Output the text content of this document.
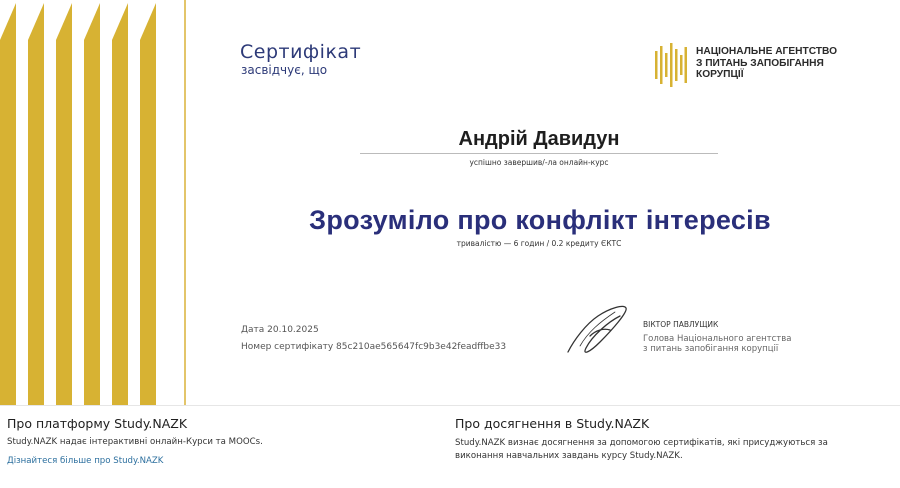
Сертифікат
засвідчує, що
НАЦІОНАЛЬНЕ АГЕНТСТВО
З ПИТАНЬ ЗАПОБІГАННЯ
КОРУПЦІЇ
Андрій Давидун
успішно завершив/-ла онлайн-курс
Зрозуміло про конфлікт інтересів
тривалістю — 6 годин / 0.2 кредиту ЄКТС
Дата 20.10.2025
Номер сертифікату 85c210ae565647fc9b3e42feadffbe33
ВІКТОР ПАВЛУЩИК
Голова Національного агентства
з питань запобігання корупції
Про платформу Study.NAZK
Study.NAZK надає інтерактивні онлайн-Курси та MOOCs.
Дізнайтеся більше про Study.NAZK
Про досягнення в Study.NAZK
Study.NAZK визнає досягнення за допомогою сертифікатів, які присуджуються за виконання навчальних завдань курсу Study.NAZK.
